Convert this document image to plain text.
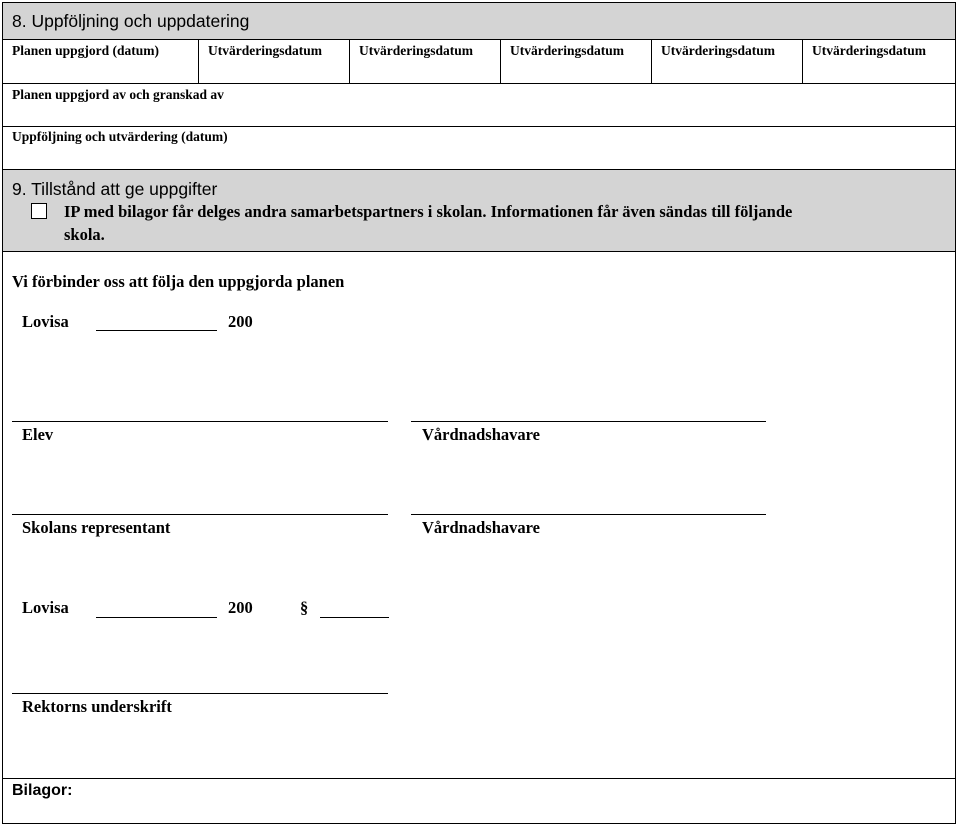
8. Uppföljning och uppdatering
Planen uppgjord (datum)	Utvärderingsdatum	Utvärderingsdatum	Utvärderingsdatum	Utvärderingsdatum	Utvärderingsdatum
Planen uppgjord av och granskad av
Uppföljning och utvärdering (datum)
9. Tillstånd att ge uppgifter
IP med bilagor får delges andra samarbetspartners i skolan. Informationen får även sändas till följande
skola.
Vi förbinder oss att följa den uppgjorda planen
Lovisa	200
Elev	Vårdnadshavare
Skolans representant	Vårdnadshavare
Lovisa	200	§
Rektorns underskrift
Bilagor:
